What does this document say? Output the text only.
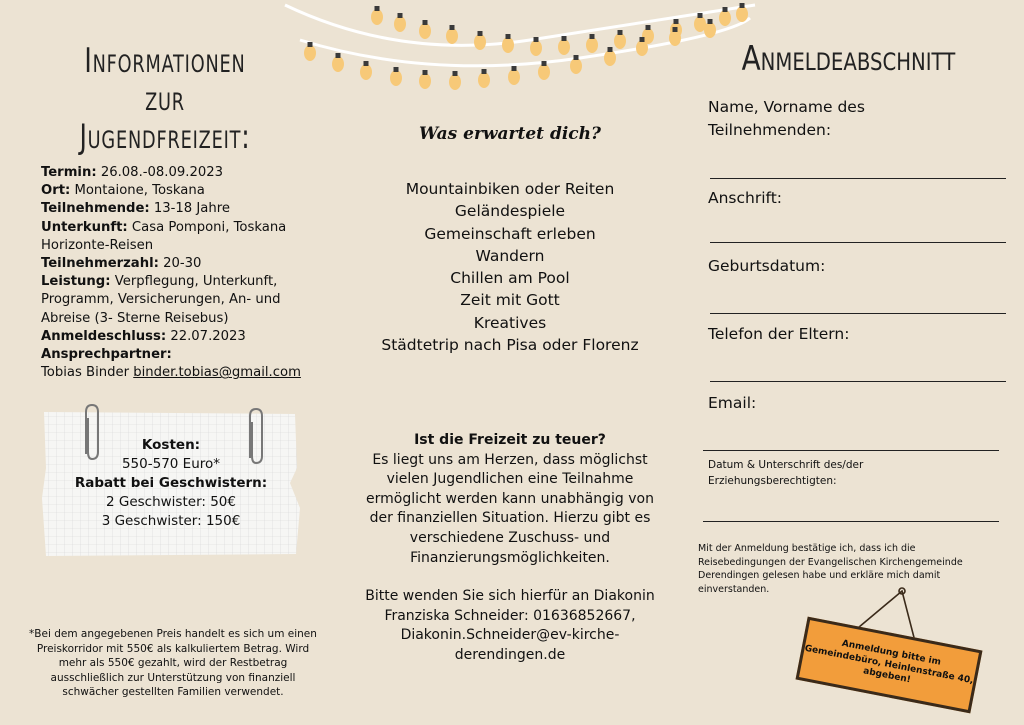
Informationen zur
Jugendfreizeit:
Termin: 26.08.-08.09.2023
Ort: Montaione, Toskana
Teilnehmende: 13-18 Jahre
Unterkunft: Casa Pomponi, Toskana Horizonte-Reisen
Teilnehmerzahl: 20-30
Leistung: Verpflegung, Unterkunft, Programm, Versicherungen, An- und Abreise (3- Sterne Reisebus)
Anmeldeschluss: 22.07.2023
Ansprechpartner:
Tobias Binder binder.tobias@gmail.com
Kosten:
550-570 Euro*
Rabatt bei Geschwistern:
2 Geschwister: 50€
3 Geschwister: 150€
*Bei dem angegebenen Preis handelt es sich um einen Preiskorridor mit 550€ als kalkuliertem Betrag. Wird mehr als 550€ gezahlt, wird der Restbetrag ausschließlich zur Unterstützung von finanziell schwächer gestellten Familien verwendet.
Was erwartet dich?
Mountainbiken oder Reiten
Geländespiele
Gemeinschaft erleben
Wandern
Chillen am Pool
Zeit mit Gott
Kreatives
Städtetrip nach Pisa oder Florenz
Ist die Freizeit zu teuer?
Es liegt uns am Herzen, dass möglichst vielen Jugendlichen eine Teilnahme ermöglicht werden kann unabhängig von der finanziellen Situation. Hierzu gibt es verschiedene Zuschuss- und Finanzierungsmöglichkeiten.
Bitte wenden Sie sich hierfür an Diakonin Franziska Schneider: 01636852667, Diakonin.Schneider@ev-kirche-derendingen.de
Anmeldeabschnitt
Name, Vorname des Teilnehmenden:
Anschrift:
Geburtsdatum:
Telefon der Eltern:
Email:
Datum & Unterschrift des/der Erziehungsberechtigten:
Mit der Anmeldung bestätige ich, dass ich die Reisebedingungen der Evangelischen Kirchengemeinde Derendingen gelesen habe und erkläre mich damit einverstanden.
Anmeldung bitte im Gemeindebüro, Heinlenstraße 40, abgeben!
